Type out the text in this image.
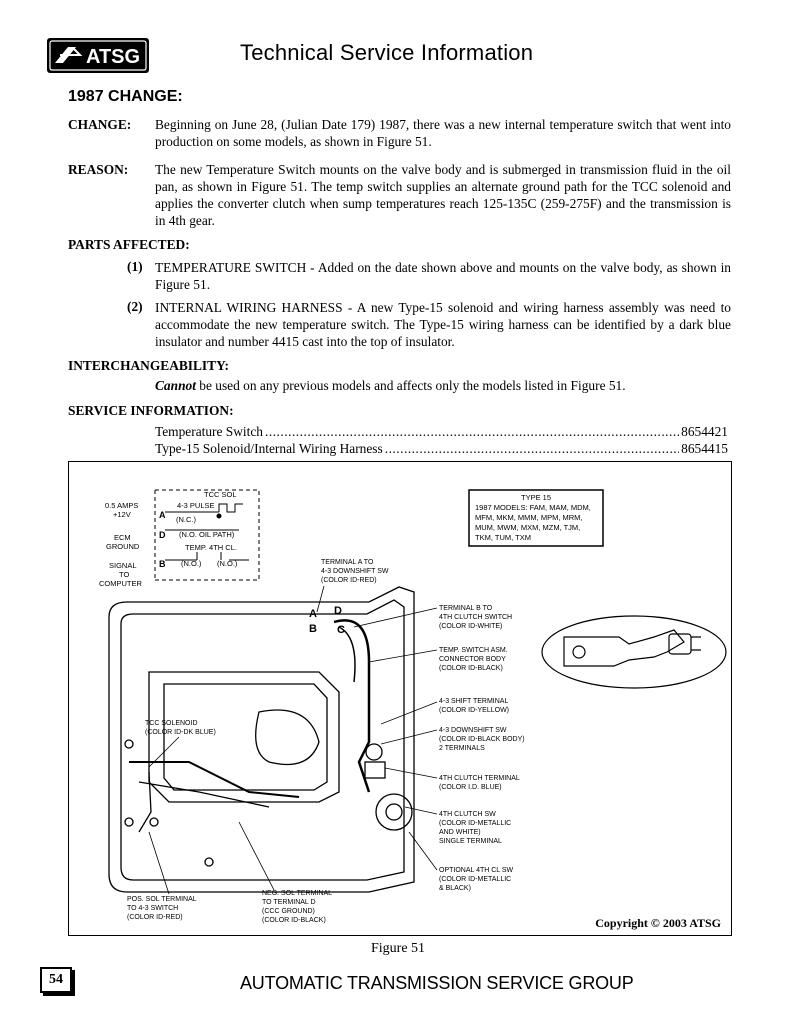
ATSG	Technical Service Information
1987 CHANGE:
CHANGE: Beginning on June 28, (Julian Date 179) 1987, there was a new internal temperature switch that went into production on some models, as shown in Figure 51.
REASON: The new Temperature Switch mounts on the valve body and is submerged in transmission fluid in the oil pan, as shown in Figure 51. The temp switch supplies an alternate ground path for the TCC solenoid and applies the converter clutch when sump temperatures reach 125-135C (259-275F) and the transmission is in 4th gear.
PARTS AFFECTED:
(1) TEMPERATURE SWITCH - Added on the date shown above and mounts on the valve body, as shown in Figure 51.
(2) INTERNAL WIRING HARNESS - A new Type-15 solenoid and wiring harness assembly was need to accommodate the new temperature switch. The Type-15 wiring harness can be identified by a dark blue insulator and number 4415 cast into the top of insulator.
INTERCHANGEABILITY:
Cannot be used on any previous models and affects only the models listed in Figure 51.
SERVICE INFORMATION:
Temperature Switch .....	8654421
Type-15 Solenoid/Internal Wiring Harness .....	8654415
TCC SOL
0.5 AMPS
+12V
ECM
GROUND
SIGNAL
TO
COMPUTER
A
D
B
4-3 PULSE
(N.C.)
(N.O. OIL PATH)
TEMP. 4TH CL.
(N.O.) (N.O.)
TYPE 15
1987 MODELS: FAM, MAM, MDM,
MFM, MKM, MMM, MPM, MRM,
MUM, MWM, MXM, MZM, TJM,
TKM, TUM, TXM
A D
B C
TERMINAL A TO
4-3 DOWNSHIFT SW
(COLOR ID-RED)
TERMINAL B TO
4TH CLUTCH SWITCH
(COLOR ID-WHITE)
TEMP. SWITCH ASM.
CONNECTOR BODY
(COLOR ID-BLACK)
4-3 SHIFT TERMINAL
(COLOR ID-YELLOW)
4-3 DOWNSHIFT SW
(COLOR ID-BLACK BODY)
2 TERMINALS
4TH CLUTCH TERMINAL
(COLOR I.D. BLUE)
4TH CLUTCH SW
(COLOR ID-METALLIC
AND WHITE)
SINGLE TERMINAL
OPTIONAL 4TH CL SW
(COLOR ID-METALLIC
& BLACK)
TCC SOLENOID
(COLOR ID-DK BLUE)
POS. SOL TERMINAL
TO 4-3 SWITCH
(COLOR ID-RED)
NEG. SOL TERMINAL
TO TERMINAL D
(CCC GROUND)
(COLOR ID-BLACK)	Copyright © 2003 ATSG
Figure 51
54	AUTOMATIC TRANSMISSION SERVICE GROUP
